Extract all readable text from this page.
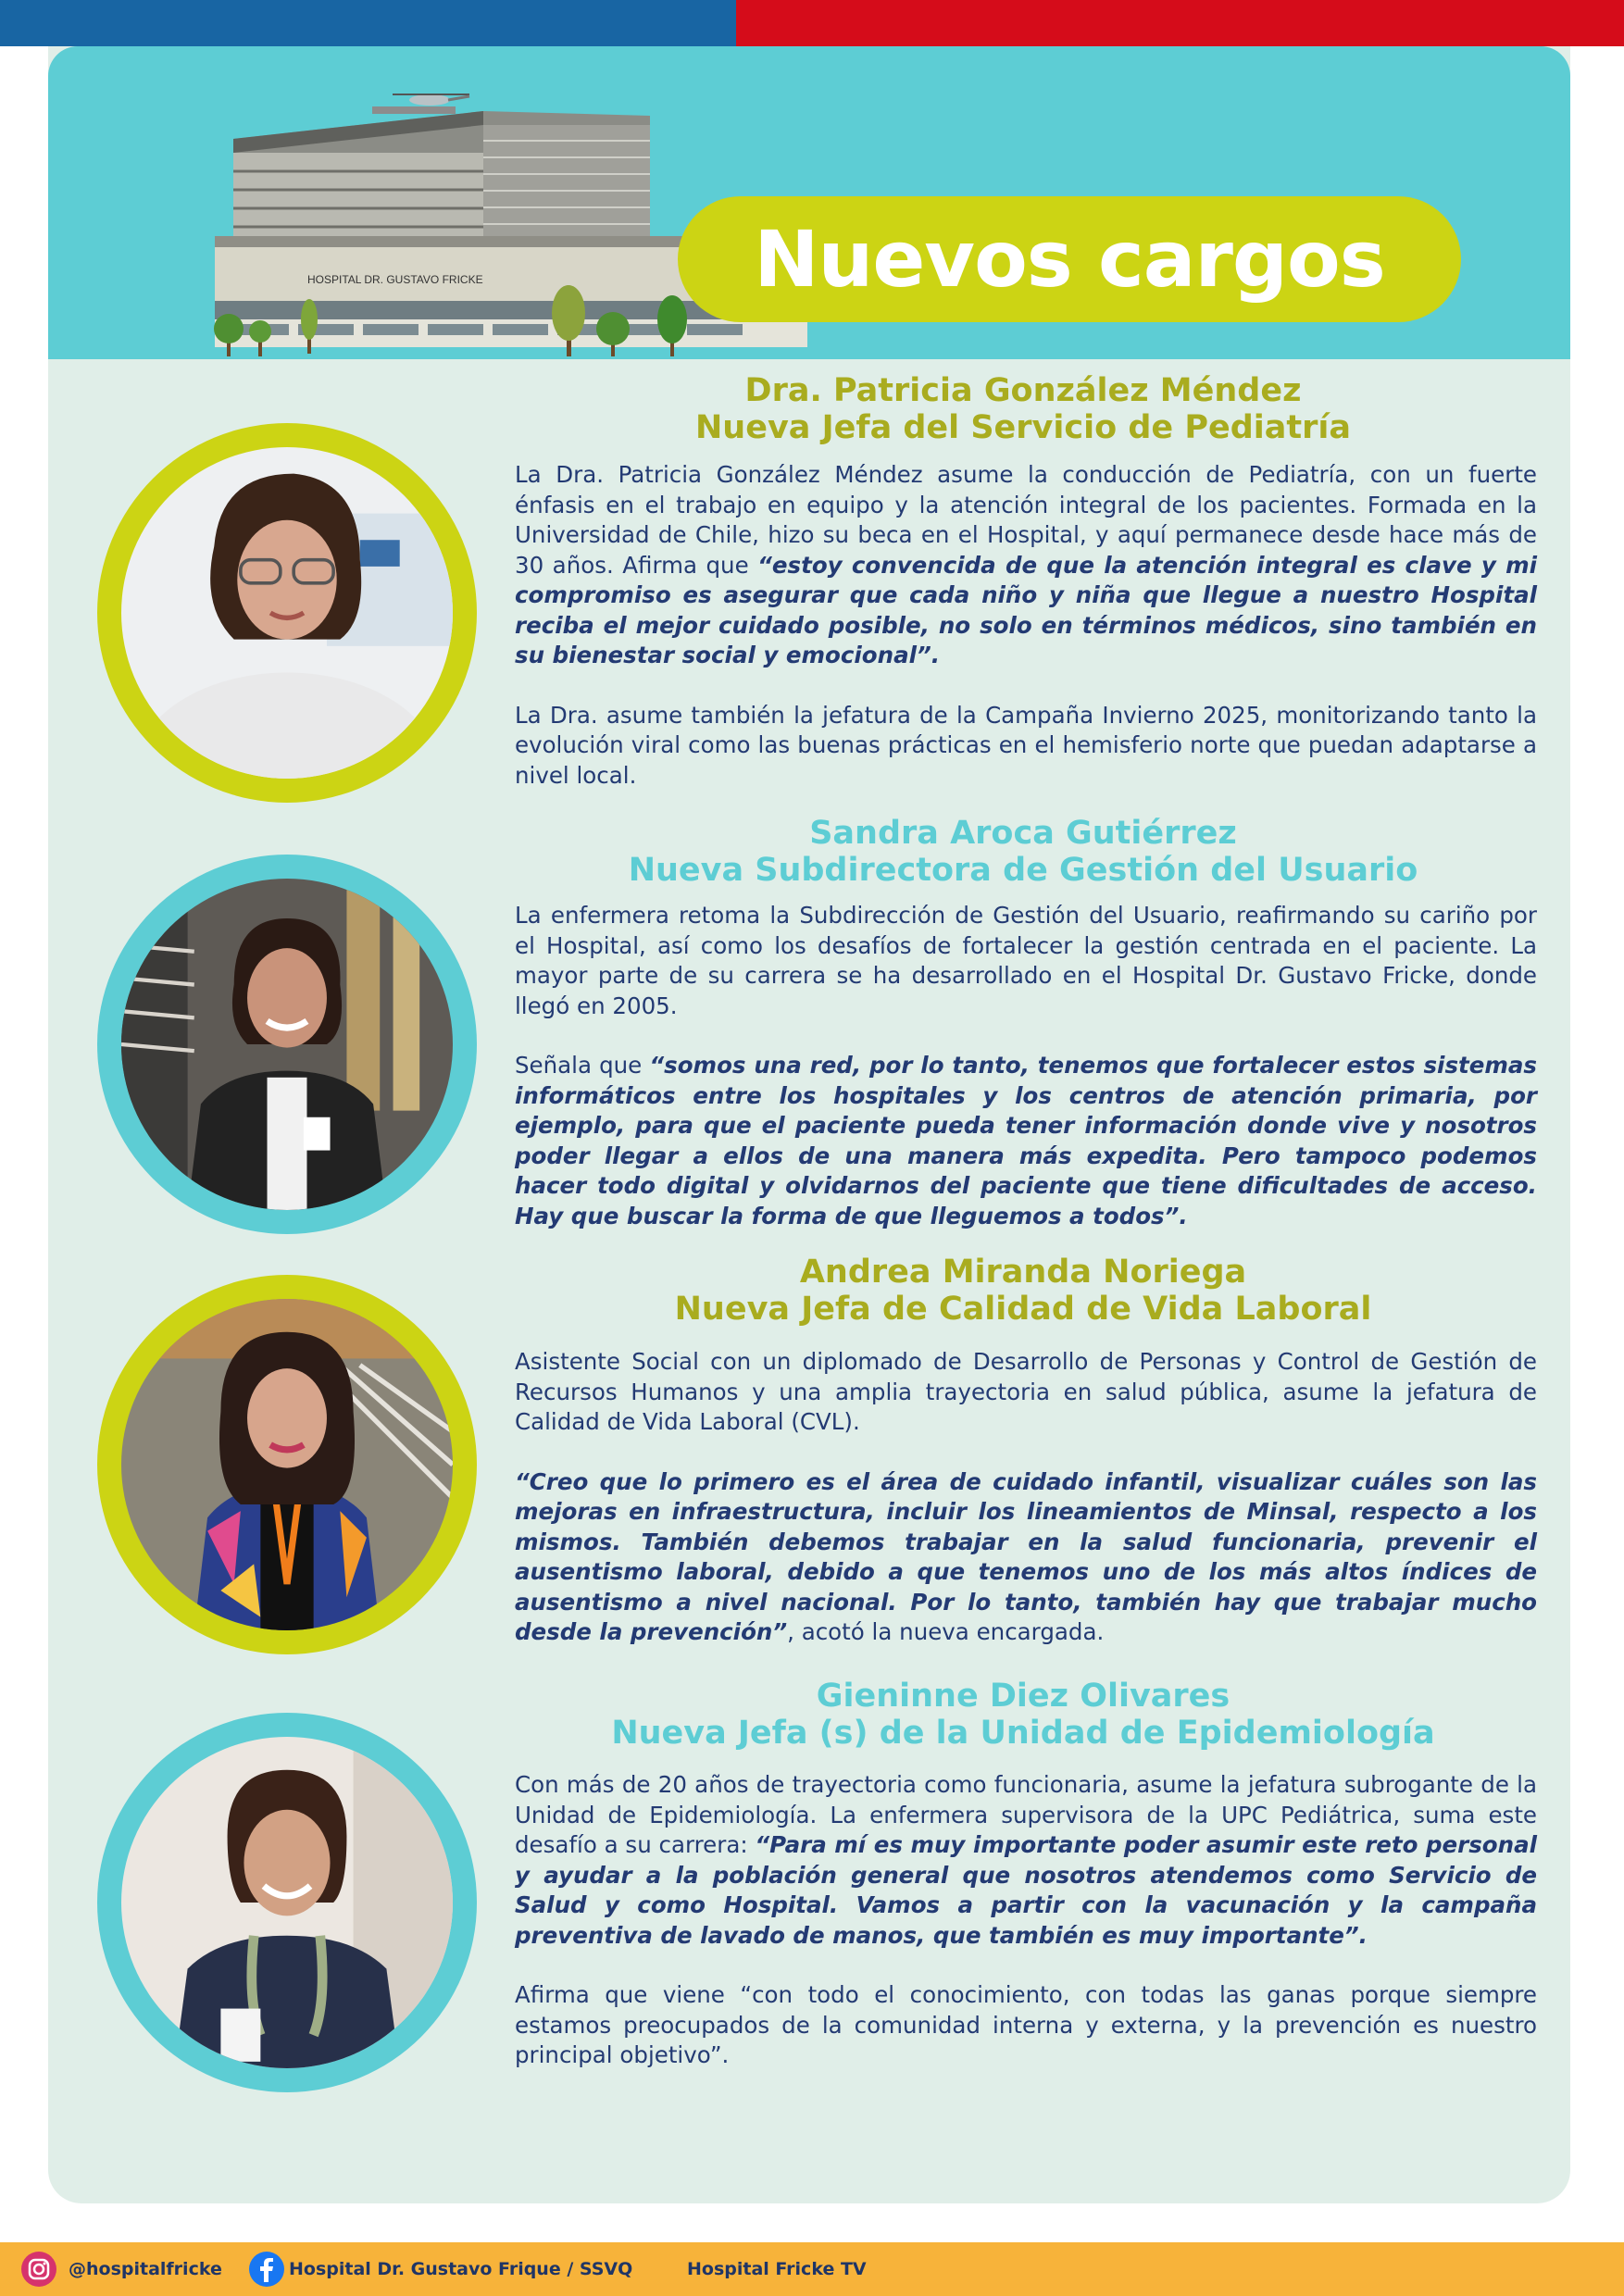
HOSPITAL DR. GUSTAVO FRICKE	Nuevos cargos
Dra. Patricia González Méndez
Nueva Jefa del Servicio de Pediatría

La Dra. Patricia González Méndez asume la conducción de Pediatría, con un fuerte énfasis en el trabajo en equipo y la atención integral de los pacientes. Formada en la Universidad de Chile, hizo su beca en el Hospital, y aquí permanece desde hace más de 30 años. Afirma que “estoy convencida de que la atención integral es clave y mi compromiso es asegurar que cada niño y niña que llegue a nuestro Hospital reciba el mejor cuidado posible, no solo en términos médicos, sino también en su bienestar social y emocional”.

La Dra. asume también la jefatura de la Campaña Invierno 2025, monitorizando tanto la evolución viral como las buenas prácticas en el hemisferio norte que puedan adaptarse a nivel local.

Sandra Aroca Gutiérrez
Nueva Subdirectora de Gestión del Usuario

La enfermera retoma la Subdirección de Gestión del Usuario, reafirmando su cariño por el Hospital, así como los desafíos de fortalecer la gestión centrada en el paciente. La mayor parte de su carrera se ha desarrollado en el Hospital Dr. Gustavo Fricke, donde llegó en 2005.

Señala que “somos una red, por lo tanto, tenemos que fortalecer estos sistemas informáticos entre los hospitales y los centros de atención primaria, por ejemplo, para que el paciente pueda tener información donde vive y nosotros poder llegar a ellos de una manera más expedita. Pero tampoco podemos hacer todo digital y olvidarnos del paciente que tiene dificultades de acceso. Hay que buscar la forma de que lleguemos a todos”.

Andrea Miranda Noriega
Nueva Jefa de Calidad de Vida Laboral

Asistente Social con un diplomado de Desarrollo de Personas y Control de Gestión de Recursos Humanos y una amplia trayectoria en salud pública, asume la jefatura de Calidad de Vida Laboral (CVL).

“Creo que lo primero es el área de cuidado infantil, visualizar cuáles son las mejoras en infraestructura, incluir los lineamientos de Minsal, respecto a los mismos. También debemos trabajar en la salud funcionaria, prevenir el ausentismo laboral, debido a que tenemos uno de los más altos índices de ausentismo a nivel nacional. Por lo tanto, también hay que trabajar mucho desde la prevención”, acotó la nueva encargada.

Gieninne Diez Olivares
Nueva Jefa (s) de la Unidad de Epidemiología

Con más de 20 años de trayectoria como funcionaria, asume la jefatura subrogante de la Unidad de Epidemiología. La enfermera supervisora de la UPC Pediátrica, suma este desafío a su carrera: “Para mí es muy importante poder asumir este reto personal y ayudar a la población general que nosotros atendemos como Servicio de Salud y como Hospital. Vamos a partir con la vacunación y la campaña preventiva de lavado de manos, que también es muy importante”.

Afirma que viene “con todo el conocimiento, con todas las ganas porque siempre estamos preocupados de la comunidad interna y externa, y la prevención es nuestro principal objetivo”.

@hospitalfricke	Hospital Dr. Gustavo Frique / SSVQ	Hospital Fricke TV
